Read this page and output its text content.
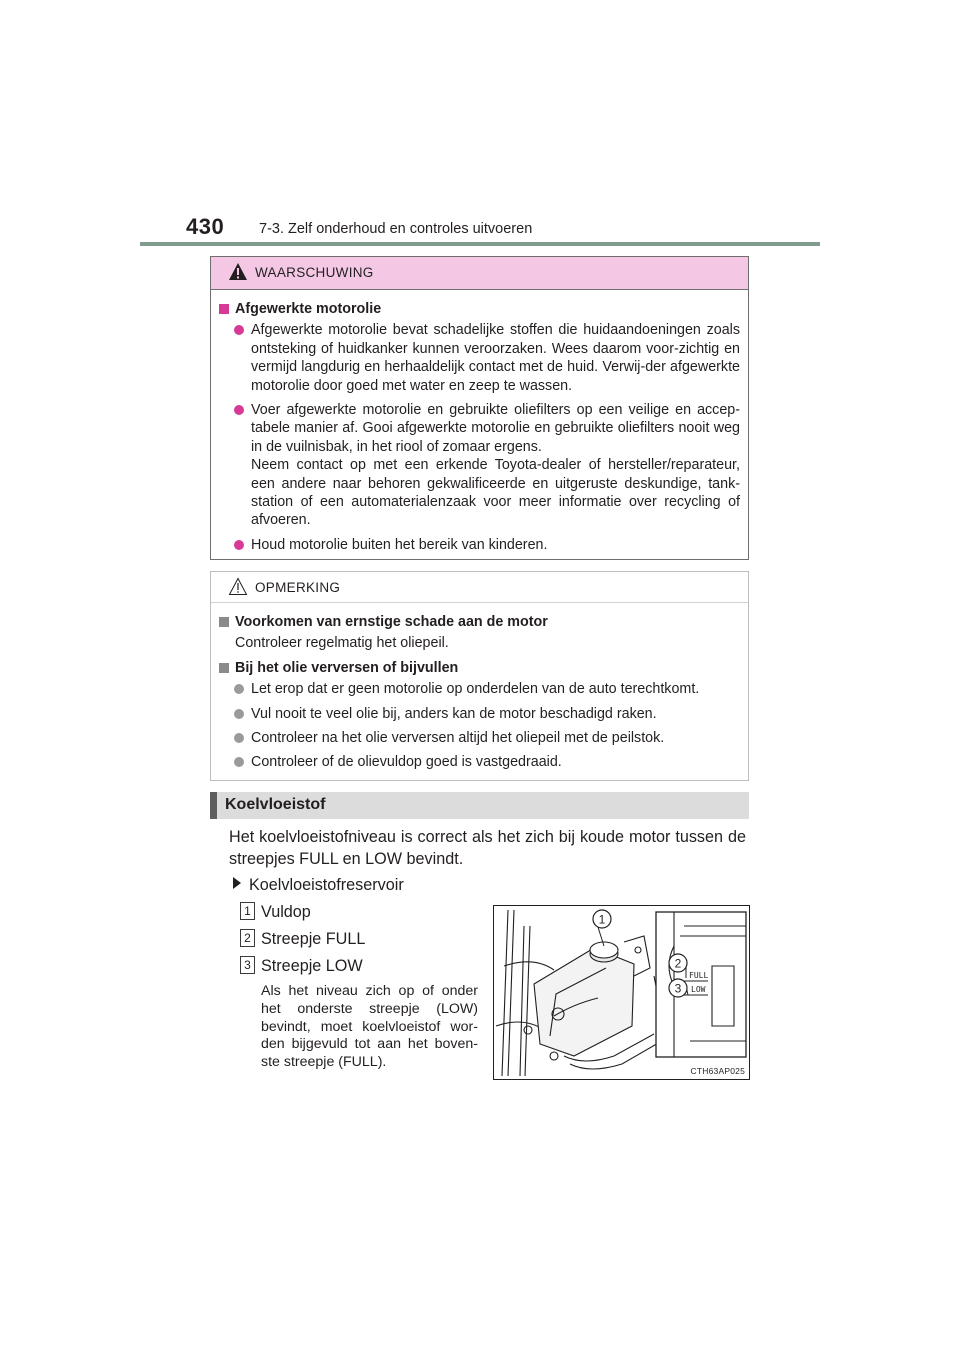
430 7-3. Zelf onderhoud en controles uitvoeren
WAARSCHUWING
Afgewerkte motorolie
Afgewerkte motorolie bevat schadelijke stoffen die huidaandoeningen zoals ontsteking of huidkanker kunnen veroorzaken. Wees daarom voor-zichtig en vermijd langdurig en herhaaldelijk contact met de huid. Verwij-der afgewerkte motorolie door goed met water en zeep te wassen.
Voer afgewerkte motorolie en gebruikte oliefilters op een veilige en accep-tabele manier af. Gooi afgewerkte motorolie en gebruikte oliefilters nooit weg in de vuilnisbak, in het riool of zomaar ergens.
Neem contact op met een erkende Toyota-dealer of hersteller/reparateur, een andere naar behoren gekwalificeerde en uitgeruste deskundige, tank-station of een automaterialenzaak voor meer informatie over recycling of afvoeren.
Houd motorolie buiten het bereik van kinderen.
OPMERKING
Voorkomen van ernstige schade aan de motor
Controleer regelmatig het oliepeil.
Bij het olie verversen of bijvullen
Let erop dat er geen motorolie op onderdelen van de auto terechtkomt.
Vul nooit te veel olie bij, anders kan de motor beschadigd raken.
Controleer na het olie verversen altijd het oliepeil met de peilstok.
Controleer of de olievuldop goed is vastgedraaid.
Koelvloeistof
Het koelvloeistofniveau is correct als het zich bij koude motor tussen de streepjes FULL en LOW bevindt.
Koelvloeistofreservoir
1 Vuldop
2 Streepje FULL
3 Streepje LOW
Als het niveau zich op of onder het onderste streepje (LOW) bevindt, moet koelvloeistof wor-den bijgevuld tot aan het boven-ste streepje (FULL).
FULL
LOW
1
2
3
CTH63AP025
